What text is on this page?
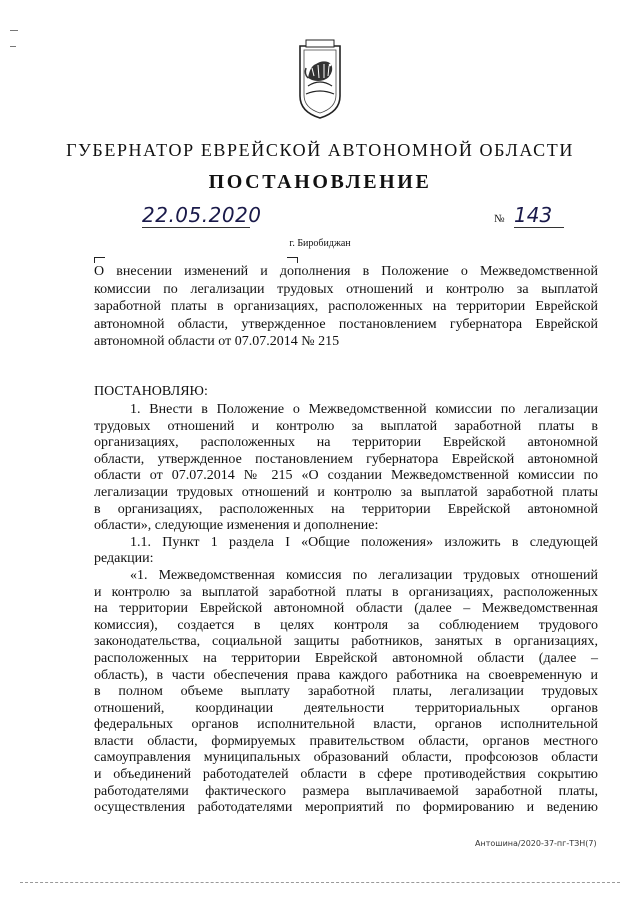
ГУБЕРНАТОР ЕВРЕЙСКОЙ АВТОНОМНОЙ ОБЛАСТИ
ПОСТАНОВЛЕНИЕ
22.05.2020	№ 143
г. Биробиджан
О внесении изменений и дополнения в Положение о Межведомственной
комиссии по легализации трудовых отношений и контролю за выплатой
заработной платы в организациях, расположенных на территории Еврейской
автономной области, утвержденное постановлением губернатора Еврейской
автономной области от 07.07.2014 № 215
ПОСТАНОВЛЯЮ:
1. Внести в Положение о Межведомственной комиссии по легализации
трудовых отношений и контролю за выплатой заработной платы в
организациях, расположенных на территории Еврейской автономной
области, утвержденное постановлением губернатора Еврейской автономной
области от 07.07.2014 № 215 «О создании Межведомственной комиссии по
легализации трудовых отношений и контролю за выплатой заработной платы
в организациях, расположенных на территории Еврейской автономной
области», следующие изменения и дополнение:
1.1. Пункт 1 раздела I «Общие положения» изложить в следующей
редакции:
«1. Межведомственная комиссия по легализации трудовых отношений
и контролю за выплатой заработной платы в организациях, расположенных
на территории Еврейской автономной области (далее – Межведомственная
комиссия), создается в целях контроля за соблюдением трудового
законодательства, социальной защиты работников, занятых в организациях,
расположенных на территории Еврейской автономной области (далее –
область), в части обеспечения права каждого работника на своевременную и
в полном объеме выплату заработной платы, легализации трудовых
отношений, координации деятельности территориальных органов
федеральных органов исполнительной власти, органов исполнительной
власти области, формируемых правительством области, органов местного
самоуправления муниципальных образований области, профсоюзов области
и объединений работодателей области в сфере противодействия сокрытию
работодателями фактического размера выплачиваемой заработной платы,
осуществления работодателями мероприятий по формированию и ведению
Антошина/2020-37-пг-ТЗН(7)
